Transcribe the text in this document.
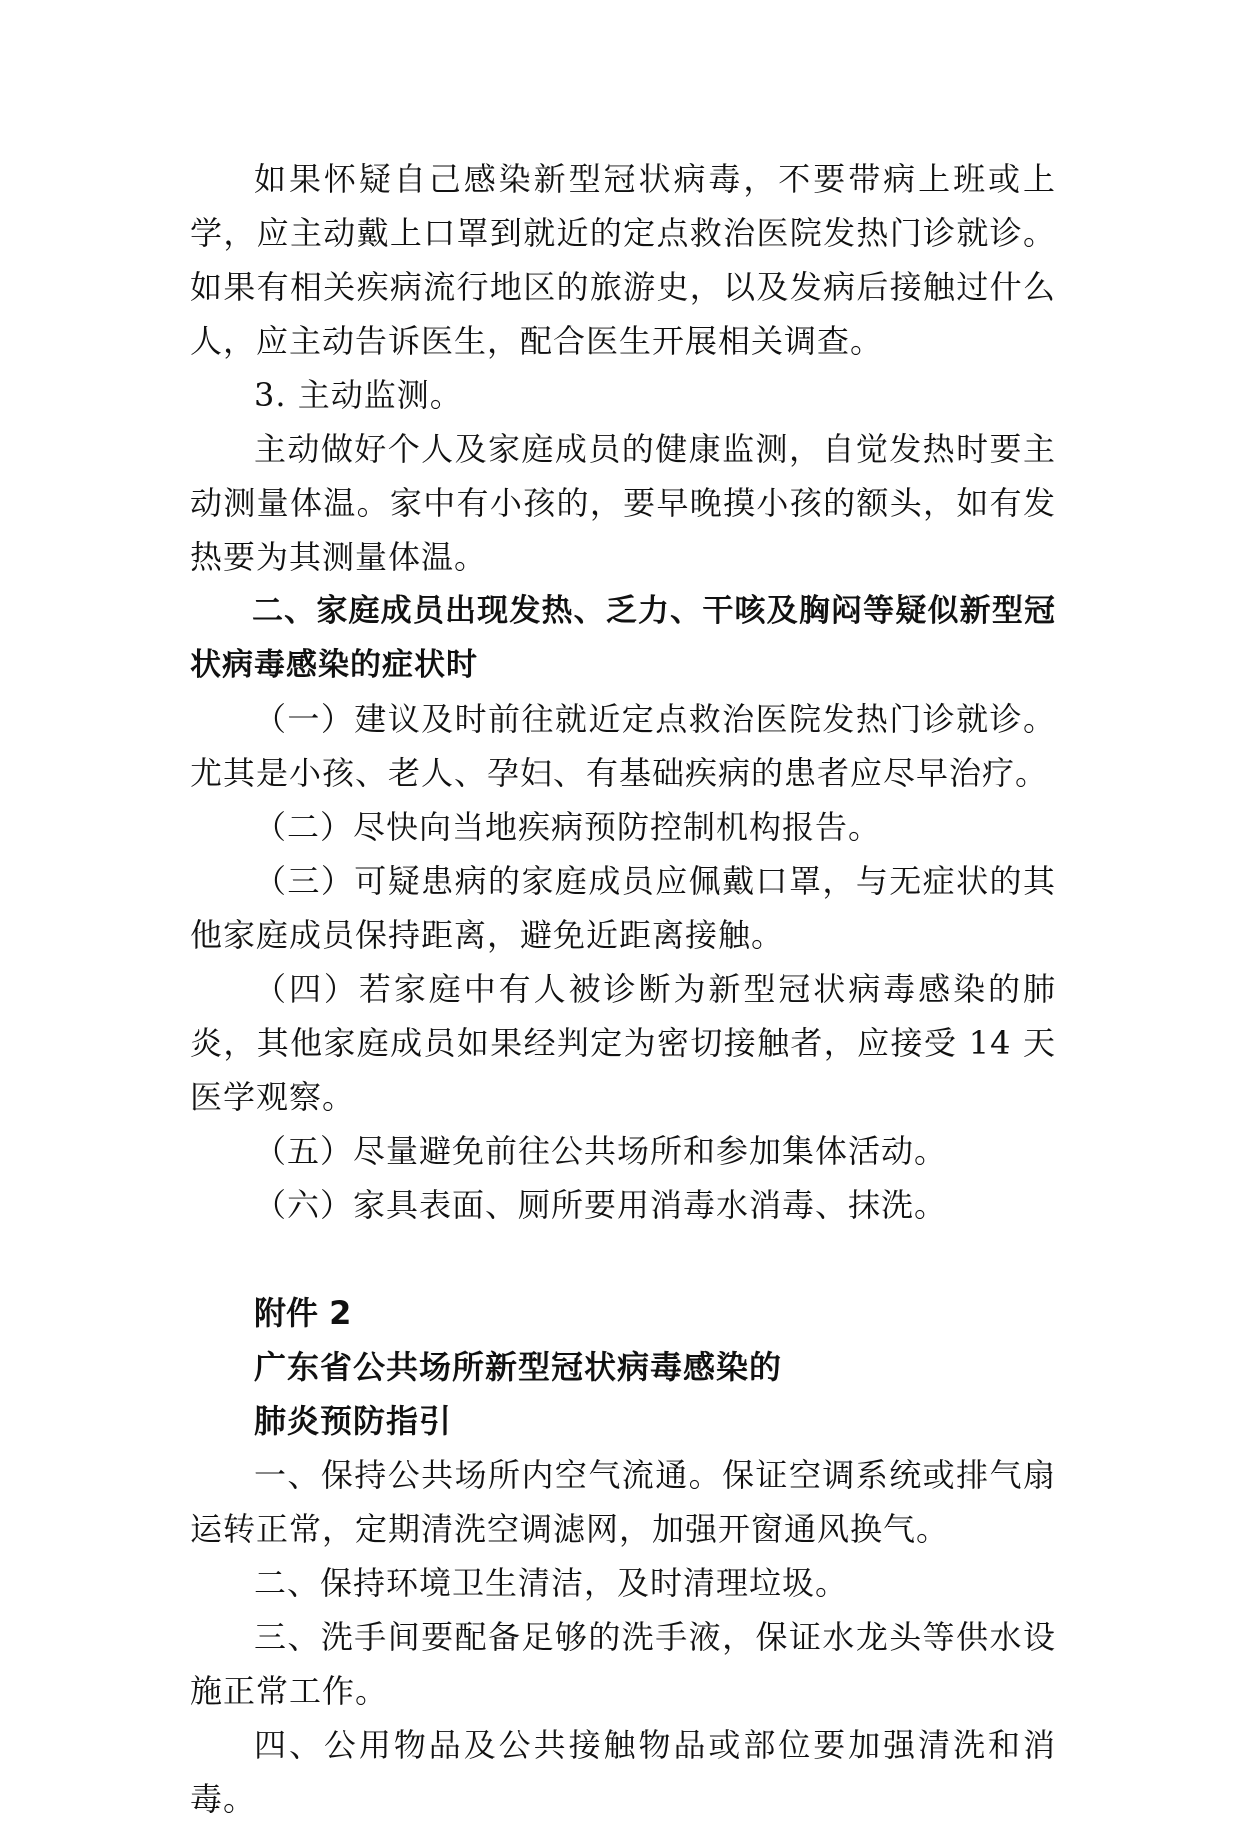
如果怀疑自己感染新型冠状病毒，不要带病上班或上学，应主动戴上口罩到就近的定点救治医院发热门诊就诊。如果有相关疾病流行地区的旅游史，以及发病后接触过什么人，应主动告诉医生，配合医生开展相关调查。

3. 主动监测。

主动做好个人及家庭成员的健康监测，自觉发热时要主动测量体温。家中有小孩的，要早晚摸小孩的额头，如有发热要为其测量体温。

二、家庭成员出现发热、乏力、干咳及胸闷等疑似新型冠 状病毒感染的症状时

（一）建议及时前往就近定点救治医院发热门诊就诊。尤其是小孩、老人、孕妇、有基础疾病的患者应尽早治疗。

（二）尽快向当地疾病预防控制机构报告。

（三）可疑患病的家庭成员应佩戴口罩，与无症状的其他家庭成员保持距离，避免近距离接触。

（四）若家庭中有人被诊断为新型冠状病毒感染的肺炎，其他家庭成员如果经判定为密切接触者，应接受 14 天医学观察。

（五）尽量避免前往公共场所和参加集体活动。

（六）家具表面、厕所要用消毒水消毒、抹洗。

附件 2

广东省公共场所新型冠状病毒感染的

肺炎预防指引

一、保持公共场所内空气流通。保证空调系统或排气扇运转正常，定期清洗空调滤网，加强开窗通风换气。

二、保持环境卫生清洁，及时清理垃圾。

三、洗手间要配备足够的洗手液，保证水龙头等供水设施正常工作。

四、公用物品及公共接触物品或部位要加强清洗和消毒。
